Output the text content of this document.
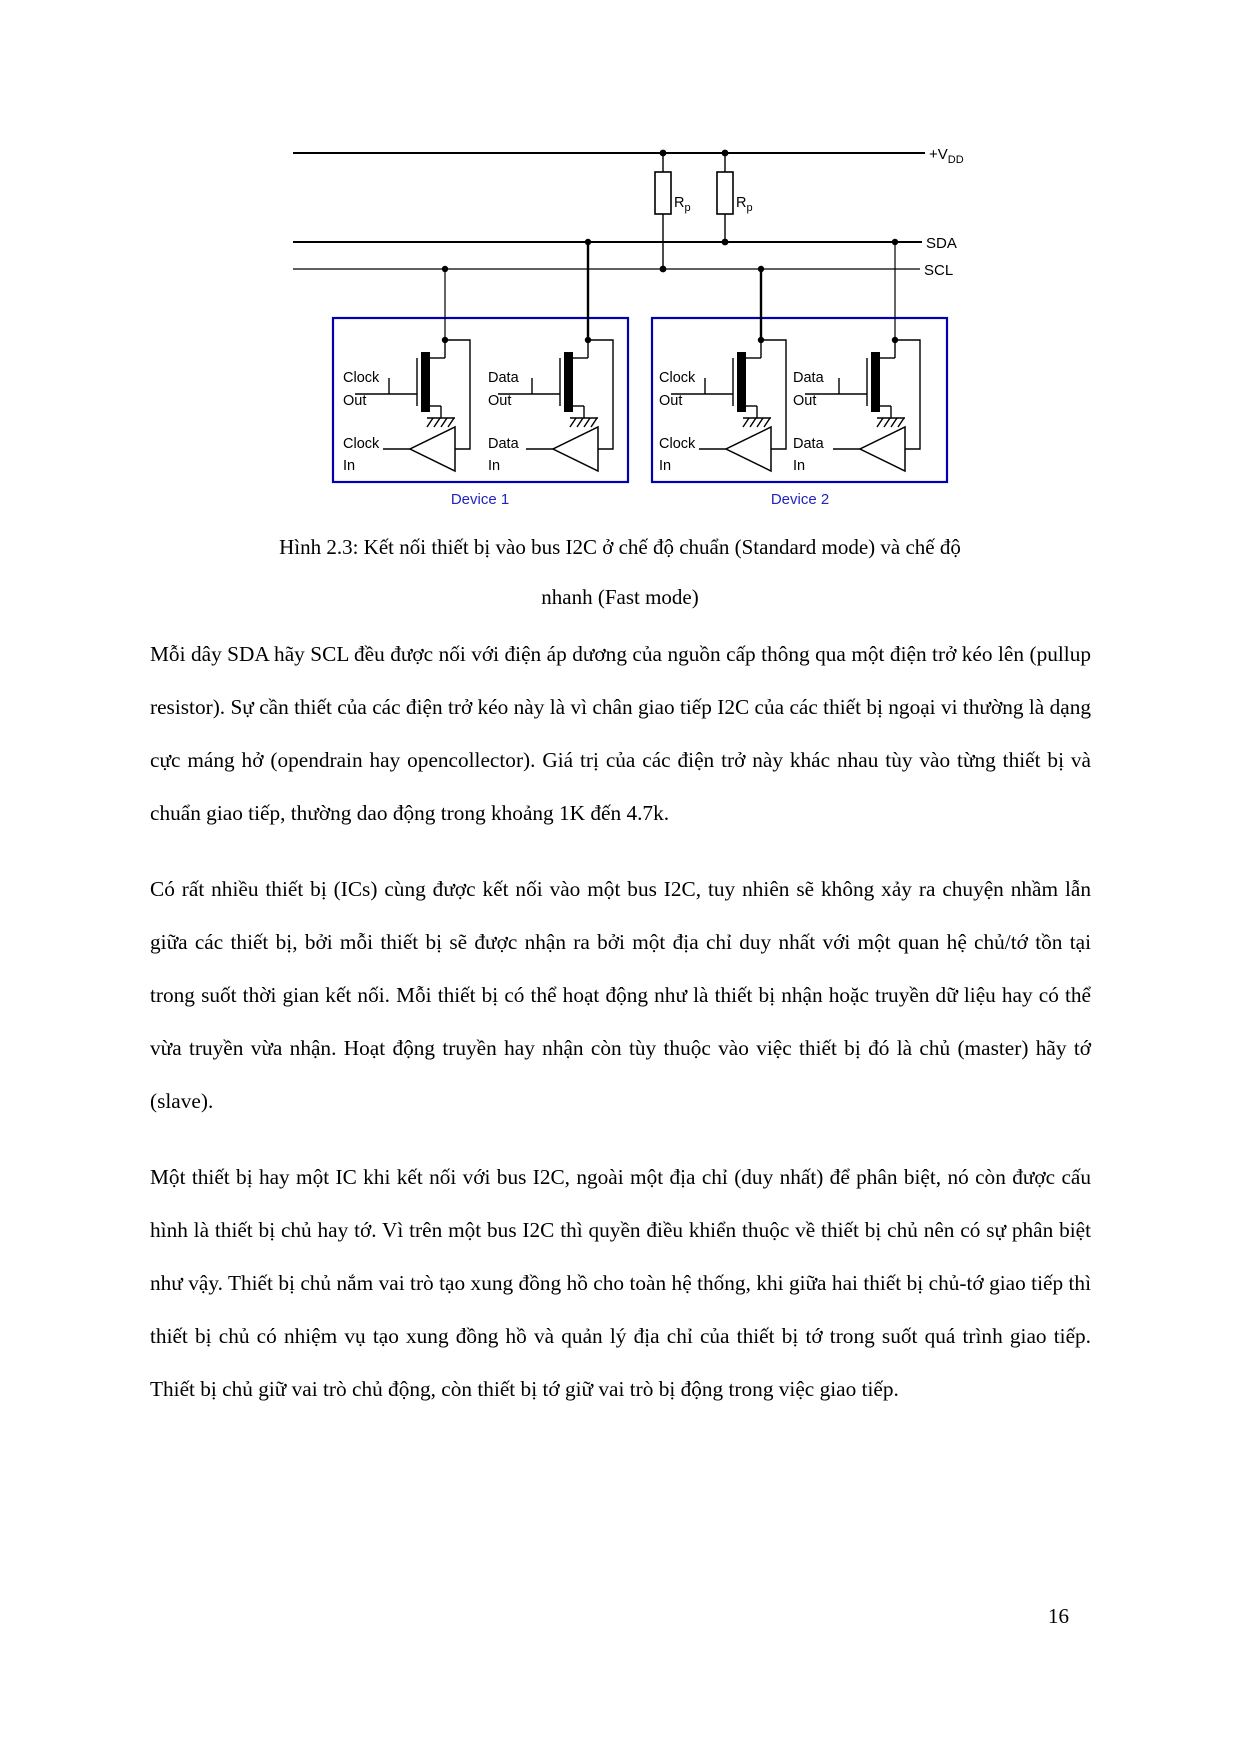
$+V_{DD}$
SDA
SCL
$R_p$	$R_p$
Clock
Out
Clock
In
Data
Out
Data
In
Clock
Out
Clock
In
Data
Out
Data
In
Device 1	Device 2
Hình 2.3: Kết nối thiết bị vào bus I2C ở chế độ chuẩn (Standard mode) và chế độ
nhanh (Fast mode)

Mỗi dây SDA hãy SCL đều được nối với điện áp dương của nguồn cấp thông qua một điện trở kéo lên (pullup resistor). Sự cần thiết của các điện trở kéo này là vì chân giao tiếp I2C của các thiết bị ngoại vi thường là dạng cực máng hở (opendrain hay opencollector). Giá trị của các điện trở này khác nhau tùy vào từng thiết bị và chuẩn giao tiếp, thường dao động trong khoảng 1K đến 4.7k.

Có rất nhiều thiết bị (ICs) cùng được kết nối vào một bus I2C, tuy nhiên sẽ không xảy ra chuyện nhầm lẫn giữa các thiết bị, bởi mỗi thiết bị sẽ được nhận ra bởi một địa chỉ duy nhất với một quan hệ chủ/tớ tồn tại trong suốt thời gian kết nối. Mỗi thiết bị có thể hoạt động như là thiết bị nhận hoặc truyền dữ liệu hay có thể vừa truyền vừa nhận. Hoạt động truyền hay nhận còn tùy thuộc vào việc thiết bị đó là chủ (master) hãy tớ (slave).

Một thiết bị hay một IC khi kết nối với bus I2C, ngoài một địa chỉ (duy nhất) để phân biệt, nó còn được cấu hình là thiết bị chủ hay tớ. Vì trên một bus I2C thì quyền điều khiển thuộc về thiết bị chủ nên có sự phân biệt như vậy. Thiết bị chủ nắm vai trò tạo xung đồng hồ cho toàn hệ thống, khi giữa hai thiết bị chủ-tớ giao tiếp thì thiết bị chủ có nhiệm vụ tạo xung đồng hồ và quản lý địa chỉ của thiết bị tớ trong suốt quá trình giao tiếp. Thiết bị chủ giữ vai trò chủ động, còn thiết bị tớ giữ vai trò bị động trong việc giao tiếp.

16
